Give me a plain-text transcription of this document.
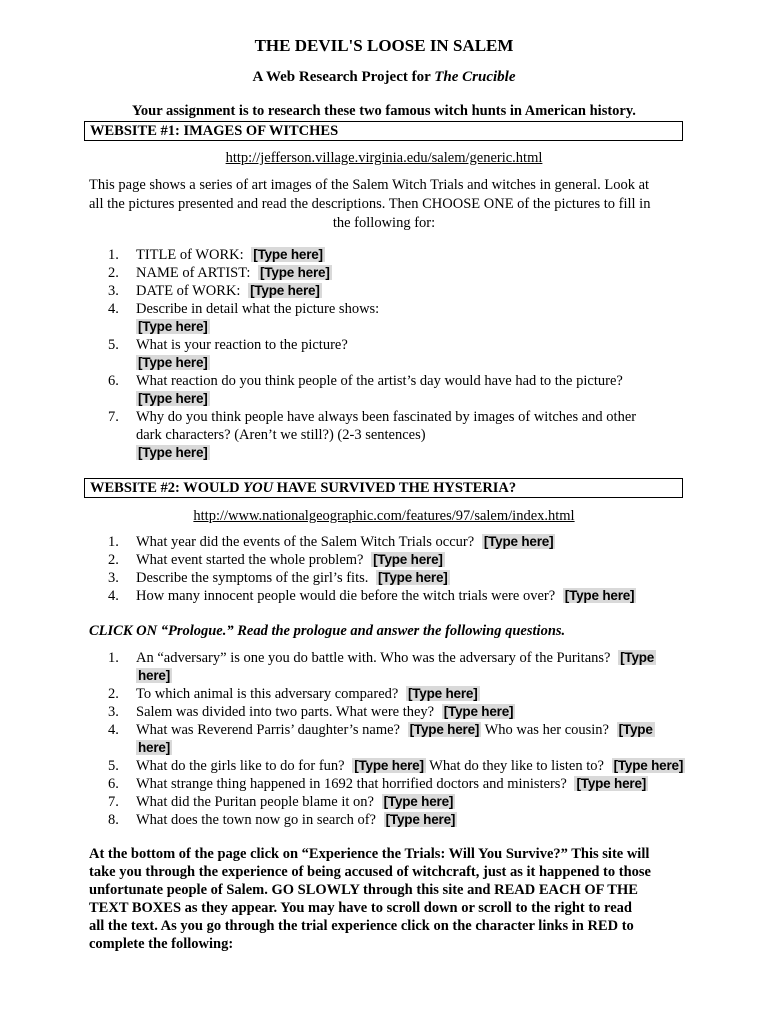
THE DEVIL'S LOOSE IN SALEM
A Web Research Project for The Crucible
Your assignment is to research these two famous witch hunts in American history.
WEBSITE #1: IMAGES OF WITCHES
http://jefferson.village.virginia.edu/salem/generic.html
This page shows a series of art images of the Salem Witch Trials and witches in general. Look at
all the pictures presented and read the descriptions. Then CHOOSE ONE of the pictures to fill in
the following for:
1. TITLE of WORK: [Type here]
2. NAME of ARTIST: [Type here]
3. DATE of WORK: [Type here]
4. Describe in detail what the picture shows:
[Type here]
5. What is your reaction to the picture?
[Type here]
6. What reaction do you think people of the artist’s day would have had to the picture?
[Type here]
7. Why do you think people have always been fascinated by images of witches and other
dark characters? (Aren’t we still?) (2-3 sentences)
[Type here]
WEBSITE #2: WOULD YOU HAVE SURVIVED THE HYSTERIA?
http://www.nationalgeographic.com/features/97/salem/index.html
1. What year did the events of the Salem Witch Trials occur? [Type here]
2. What event started the whole problem? [Type here]
3. Describe the symptoms of the girl’s fits. [Type here]
4. How many innocent people would die before the witch trials were over? [Type here]
CLICK ON “Prologue.” Read the prologue and answer the following questions.
1. An “adversary” is one you do battle with. Who was the adversary of the Puritans? [Type
here]
2. To which animal is this adversary compared? [Type here]
3. Salem was divided into two parts. What were they? [Type here]
4. What was Reverend Parris’ daughter’s name? [Type here] Who was her cousin? [Type
here]
5. What do the girls like to do for fun? [Type here] What do they like to listen to? [Type here]
6. What strange thing happened in 1692 that horrified doctors and ministers? [Type here]
7. What did the Puritan people blame it on? [Type here]
8. What does the town now go in search of? [Type here]
At the bottom of the page click on “Experience the Trials: Will You Survive?” This site will
take you through the experience of being accused of witchcraft, just as it happened to those
unfortunate people of Salem. GO SLOWLY through this site and READ EACH OF THE
TEXT BOXES as they appear. You may have to scroll down or scroll to the right to read
all the text. As you go through the trial experience click on the character links in RED to
complete the following:
